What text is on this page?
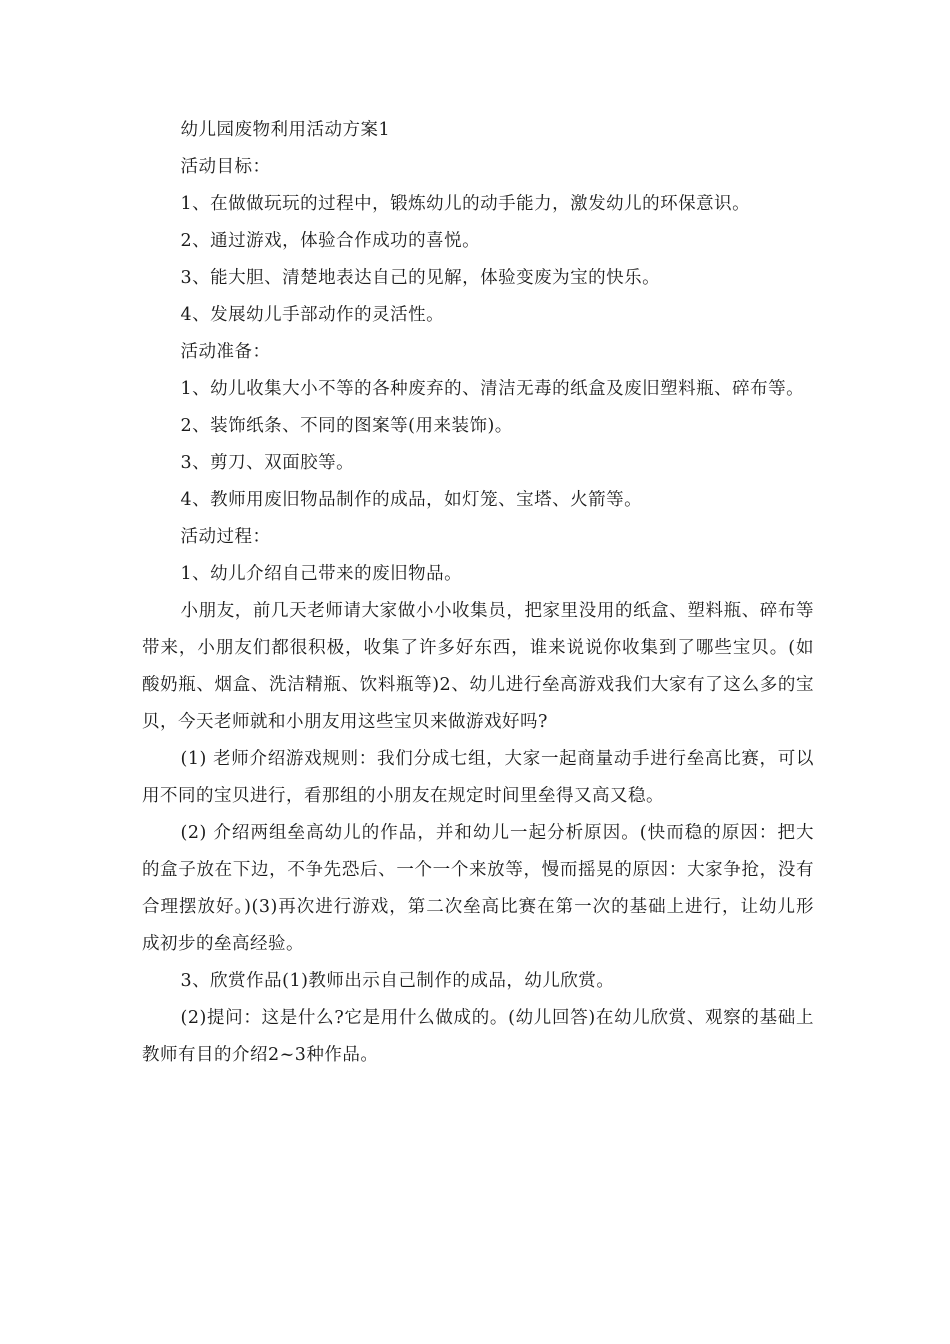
幼儿园废物利用活动方案1

活动目标：

1、在做做玩玩的过程中，锻炼幼儿的动手能力，激发幼儿的环保意识。

2、通过游戏，体验合作成功的喜悦。

3、能大胆、清楚地表达自己的见解，体验变废为宝的快乐。

4、发展幼儿手部动作的灵活性。

活动准备：

1、幼儿收集大小不等的各种废弃的、清洁无毒的纸盒及废旧塑料瓶、碎布等。

2、装饰纸条、不同的图案等(用来装饰)。

3、剪刀、双面胶等。

4、教师用废旧物品制作的成品，如灯笼、宝塔、火箭等。

活动过程：

1、幼儿介绍自己带来的废旧物品。

小朋友，前几天老师请大家做小小收集员，把家里没用的纸盒、塑料瓶、碎布等带来，小朋友们都很积极，收集了许多好东西，谁来说说你收集到了哪些宝贝。(如酸奶瓶、烟盒、洗洁精瓶、饮料瓶等)2、幼儿进行垒高游戏我们大家有了这么多的宝贝，今天老师就和小朋友用这些宝贝来做游戏好吗?

(1) 老师介绍游戏规则：我们分成七组，大家一起商量动手进行垒高比赛，可以用不同的宝贝进行，看那组的小朋友在规定时间里垒得又高又稳。

(2) 介绍两组垒高幼儿的作品，并和幼儿一起分析原因。(快而稳的原因：把大的盒子放在下边，不争先恐后、一个一个来放等，慢而摇晃的原因：大家争抢，没有合理摆放好。)(3)再次进行游戏，第二次垒高比赛在第一次的基础上进行，让幼儿形成初步的垒高经验。

3、欣赏作品(1)教师出示自己制作的成品，幼儿欣赏。

(2)提问：这是什么?它是用什么做成的。(幼儿回答)在幼儿欣赏、观察的基础上教师有目的介绍2~3种作品。
